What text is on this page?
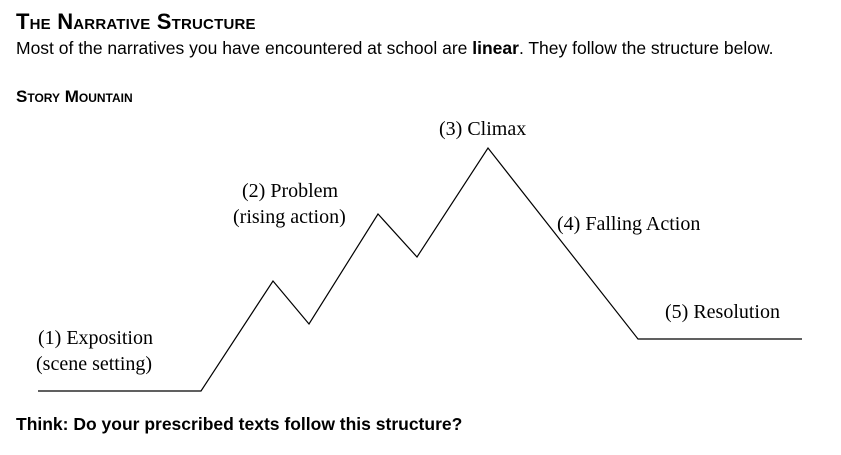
The Narrative Structure
Most of the narratives you have encountered at school are linear. They follow the structure below.
Story Mountain
(1) Exposition
(scene setting)
(2) Problem
(rising action)
(3) Climax
(4) Falling Action
(5) Resolution
Think: Do your prescribed texts follow this structure?
